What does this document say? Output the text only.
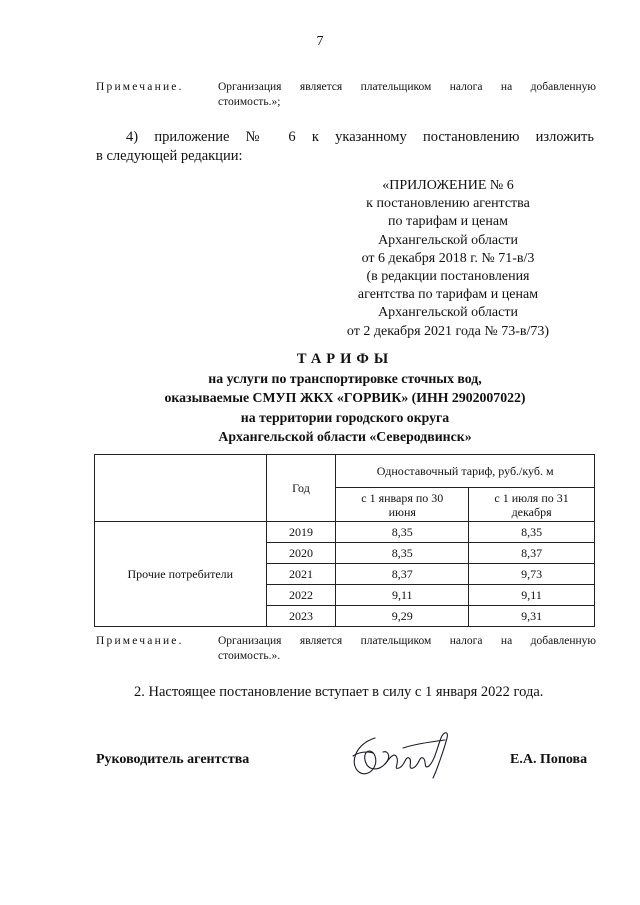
7
Примечание.	Организация является плательщиком налога на добавленную
стоимость.»;
4) приложение № 6 к указанному постановлению изложить
в следующей редакции:
«ПРИЛОЖЕНИЕ № 6
к постановлению агентства
по тарифам и ценам
Архангельской области
от 6 декабря 2018 г. № 71-в/3
(в редакции постановления
агентства по тарифам и ценам
Архангельской области
от 2 декабря 2021 года № 73-в/73)
ТАРИФЫ
на услуги по транспортировке сточных вод,
оказываемые СМУП ЖКХ «ГОРВИК» (ИНН 2902007022)
на территории городского округа
Архангельской области «Северодвинск»
	Год	Одноставочный тариф, руб./куб. м	
		с 1 января по 30 июня	с 1 июля по 31 декабря
Прочие потребители	2019	8,35	8,35
	2020	8,35	8,37
	2021	8,37	9,73
	2022	9,11	9,11
	2023	9,29	9,31
Примечание.	Организация является плательщиком налога на добавленную
стоимость.».
2. Настоящее постановление вступает в силу с 1 января 2022 года.
Руководитель агентства	Е.А. Попова
